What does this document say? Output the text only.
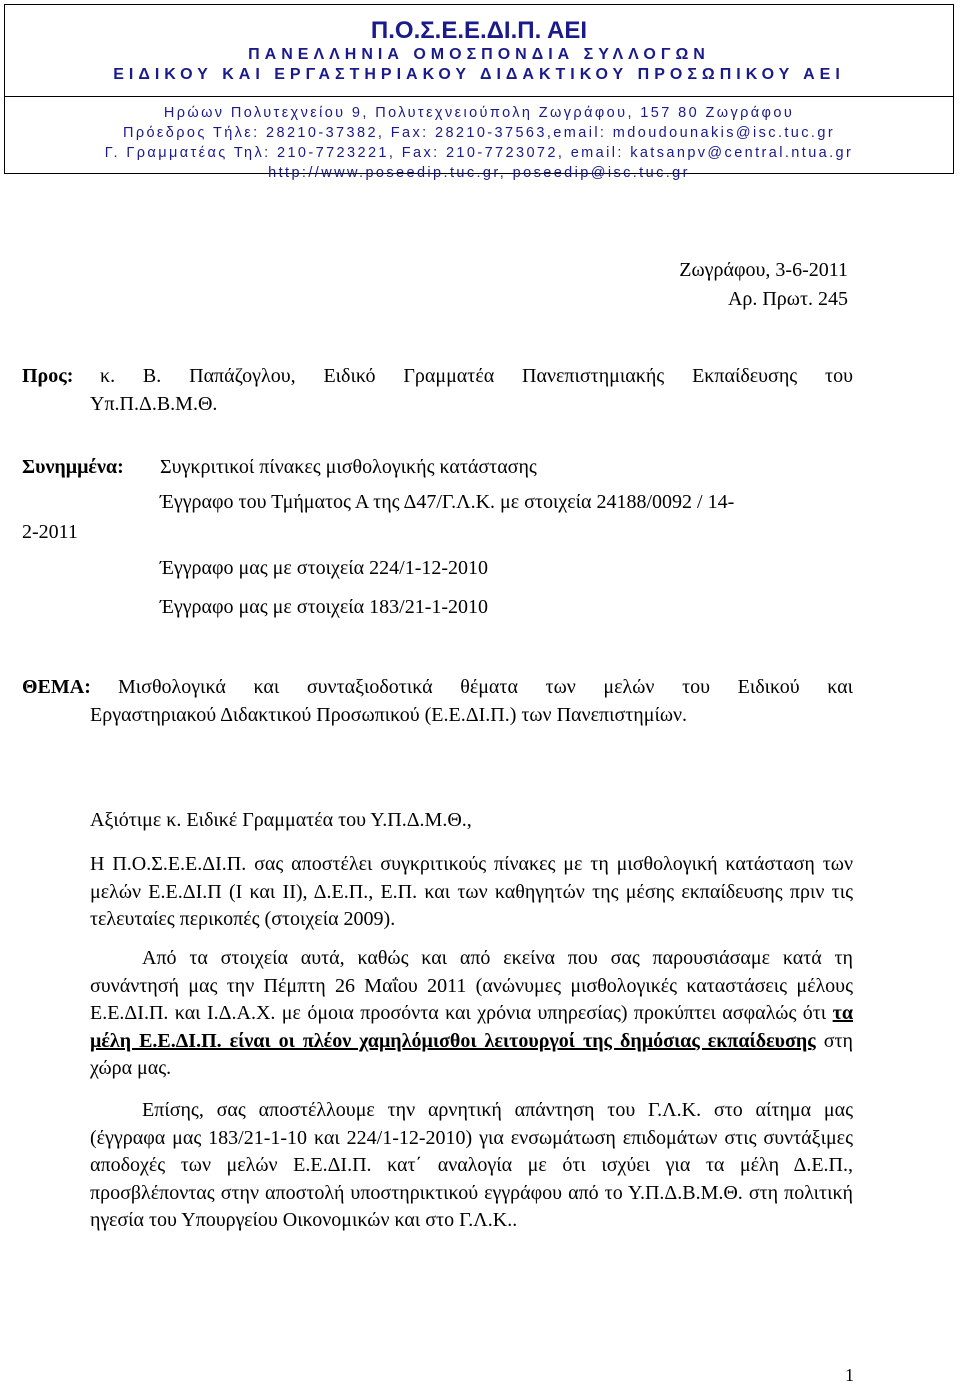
Π.Ο.Σ.Ε.Ε.ΔΙ.Π. ΑΕΙ

ΠΑΝΕΛΛΗΝΙΑ ΟΜΟΣΠΟΝΔΙΑ ΣΥΛΛΟΓΩΝ

ΕΙΔΙΚΟΥ ΚΑΙ ΕΡΓΑΣΤΗΡΙΑΚΟΥ ΔΙΔΑΚΤΙΚΟΥ ΠΡΟΣΩΠΙΚΟΥ ΑΕΙ

Ηρώων Πολυτεχνείου 9, Πολυτεχνειούπολη Ζωγράφου, 157 80 Ζωγράφου

Πρόεδρος Τήλε: 28210-37382, Fax: 28210-37563,email: mdoudounakis@isc.tuc.gr

Γ. Γραμματέας Τηλ: 210-7723221, Fax: 210-7723072, email: katsanpv@central.ntua.gr

http://www.poseedip.tuc.gr, poseedip@isc.tuc.gr

Ζωγράφου, 3-6-2011
Αρ. Πρωτ. 245
Προς: κ. Β. Παπάζογλου, Ειδικό Γραμματέα Πανεπιστημιακής Εκπαίδευσης του
Υπ.Π.Δ.Β.Μ.Θ.
Συνημμένα: Συγκριτικοί πίνακες μισθολογικής κατάστασης
Έγγραφο του Τμήματος Α της Δ47/Γ.Λ.Κ. με στοιχεία 24188/0092 / 14-
2-2011
Έγγραφο μας με στοιχεία 224/1-12-2010
Έγγραφο μας με στοιχεία 183/21-1-2010
ΘΕΜΑ: Μισθολογικά και συνταξιοδοτικά θέματα των μελών του Ειδικού και
Εργαστηριακού Διδακτικού Προσωπικού (Ε.Ε.ΔΙ.Π.) των Πανεπιστημίων.
Αξιότιμε κ. Ειδικέ Γραμματέα του Υ.Π.Δ.Μ.Θ.,

Η Π.Ο.Σ.Ε.Ε.ΔΙ.Π. σας αποστέλει συγκριτικούς πίνακες με τη μισθολογική κατάσταση των μελών Ε.Ε.ΔΙ.Π (Ι και ΙΙ), Δ.Ε.Π., Ε.Π. και των καθηγητών της μέσης εκπαίδευσης πριν τις τελευταίες περικοπές (στοιχεία 2009).

Από τα στοιχεία αυτά, καθώς και από εκείνα που σας παρουσιάσαμε κατά τη συνάντησή μας την Πέμπτη 26 Μαΐου 2011 (ανώνυμες μισθολογικές καταστάσεις μέλους Ε.Ε.ΔΙ.Π. και Ι.Δ.Α.Χ. με όμοια προσόντα και χρόνια υπηρεσίας) προκύπτει ασφαλώς ότι τα μέλη Ε.Ε.ΔΙ.Π. είναι οι πλέον χαμηλόμισθοι λειτουργοί της δημόσιας εκπαίδευσης στη χώρα μας.

Επίσης, σας αποστέλλουμε την αρνητική απάντηση του Γ.Λ.Κ. στο αίτημα μας (έγγραφα μας 183/21-1-10 και 224/1-12-2010) για ενσωμάτωση επιδομάτων στις συντάξιμες αποδοχές των μελών Ε.Ε.ΔΙ.Π. κατ΄ αναλογία με ότι ισχύει για τα μέλη Δ.Ε.Π., προσβλέποντας στην αποστολή υποστηρικτικού εγγράφου από το Υ.Π.Δ.Β.Μ.Θ. στη πολιτική ηγεσία του Υπουργείου Οικονομικών και στο Γ.Λ.Κ..

1
